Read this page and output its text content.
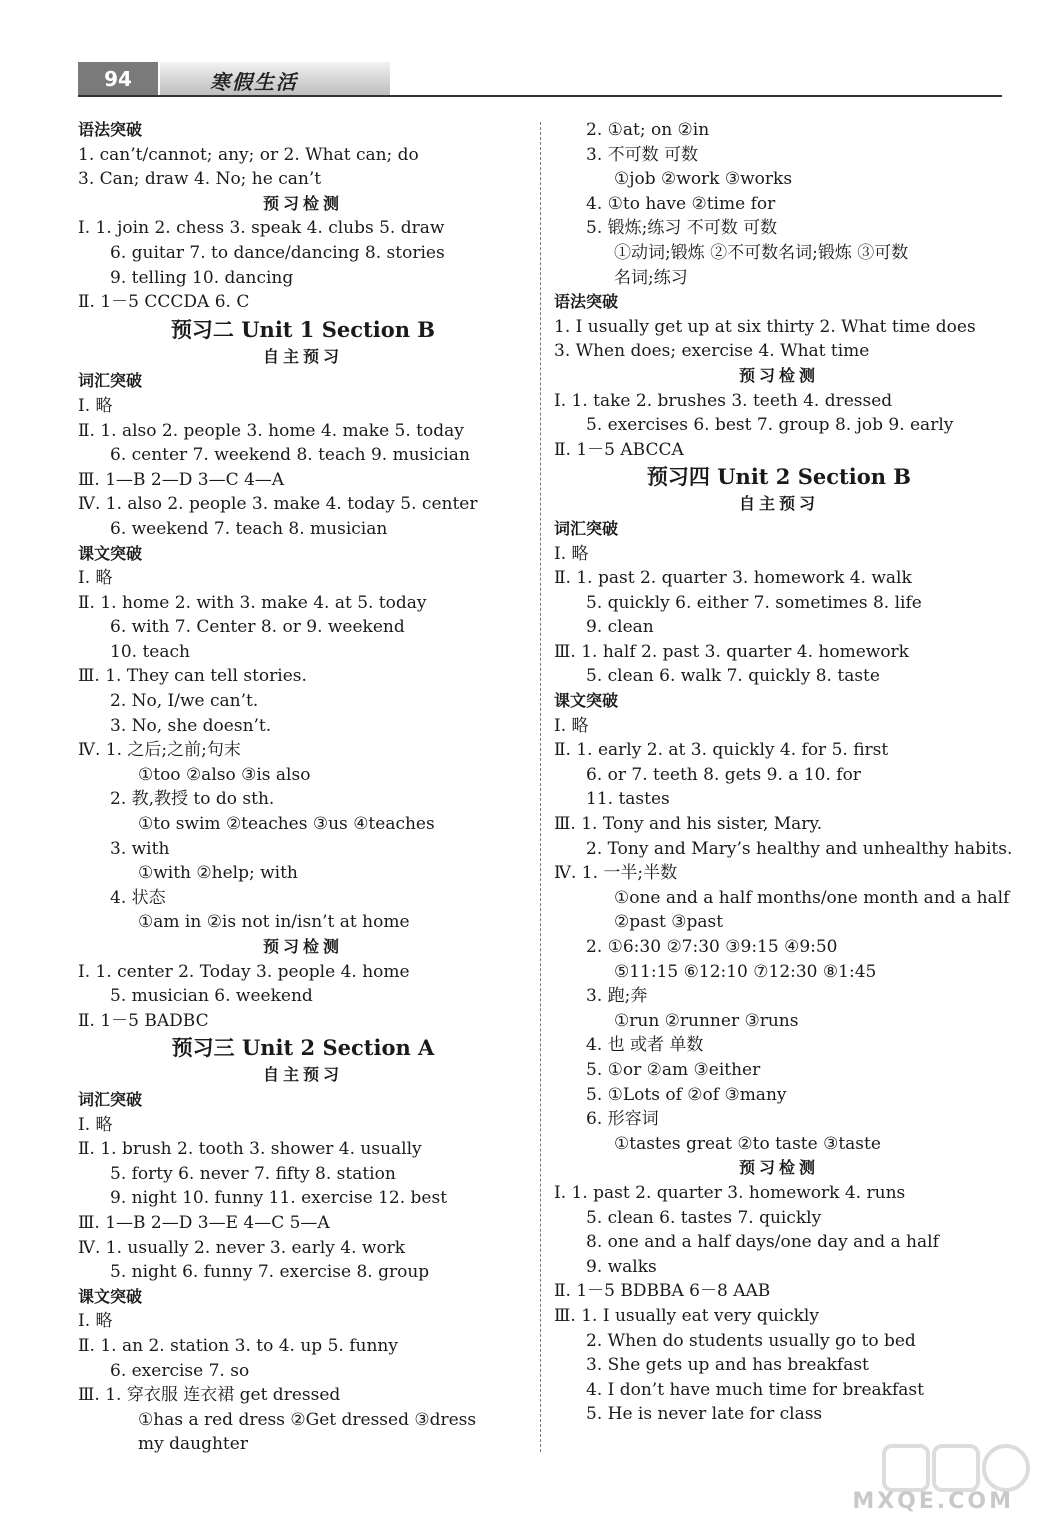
94	寒假生活
语法突破
1. can’t/cannot; any; or 2. What can; do
3. Can; draw 4. No; he can’t
预习检测
Ⅰ. 1. join 2. chess 3. speak 4. clubs 5. draw
6. guitar 7. to dance/dancing 8. stories
9. telling 10. dancing
Ⅱ. 1－5 CCCDA 6. C
预习二 Unit 1 Section B
自主预习
词汇突破
Ⅰ. 略
Ⅱ. 1. also 2. people 3. home 4. make 5. today
6. center 7. weekend 8. teach 9. musician
Ⅲ. 1—B 2—D 3—C 4—A
Ⅳ. 1. also 2. people 3. make 4. today 5. center
6. weekend 7. teach 8. musician
课文突破
Ⅰ. 略
Ⅱ. 1. home 2. with 3. make 4. at 5. today
6. with 7. Center 8. or 9. weekend
10. teach
Ⅲ. 1. They can tell stories.
2. No, I/we can’t.
3. No, she doesn’t.
Ⅳ. 1. 之后;之前;句末
①too ②also ③is also
2. 教,教授 to do sth.
①to swim ②teaches ③us ④teaches
3. with
①with ②help; with
4. 状态
①am in ②is not in/isn’t at home
预习检测
Ⅰ. 1. center 2. Today 3. people 4. home
5. musician 6. weekend
Ⅱ. 1－5 BADBC
预习三 Unit 2 Section A
自主预习
词汇突破
Ⅰ. 略
Ⅱ. 1. brush 2. tooth 3. shower 4. usually
5. forty 6. never 7. fifty 8. station
9. night 10. funny 11. exercise 12. best
Ⅲ. 1—B 2—D 3—E 4—C 5—A
Ⅳ. 1. usually 2. never 3. early 4. work
5. night 6. funny 7. exercise 8. group
课文突破
Ⅰ. 略
Ⅱ. 1. an 2. station 3. to 4. up 5. funny
6. exercise 7. so
Ⅲ. 1. 穿衣服 连衣裙 get dressed
①has a red dress ②Get dressed ③dress
my daughter
2. ①at; on ②in
3. 不可数 可数
①job ②work ③works
4. ①to have ②time for
5. 锻炼;练习 不可数 可数
①动词;锻炼 ②不可数名词;锻炼 ③可数
名词;练习
语法突破
1. I usually get up at six thirty 2. What time does
3. When does; exercise 4. What time
预习检测
Ⅰ. 1. take 2. brushes 3. teeth 4. dressed
5. exercises 6. best 7. group 8. job 9. early
Ⅱ. 1－5 ABCCA
预习四 Unit 2 Section B
自主预习
词汇突破
Ⅰ. 略
Ⅱ. 1. past 2. quarter 3. homework 4. walk
5. quickly 6. either 7. sometimes 8. life
9. clean
Ⅲ. 1. half 2. past 3. quarter 4. homework
5. clean 6. walk 7. quickly 8. taste
课文突破
Ⅰ. 略
Ⅱ. 1. early 2. at 3. quickly 4. for 5. first
6. or 7. teeth 8. gets 9. a 10. for
11. tastes
Ⅲ. 1. Tony and his sister, Mary.
2. Tony and Mary’s healthy and unhealthy habits.
Ⅳ. 1. 一半;半数
①one and a half months/one month and a half
②past ③past
2. ①6:30 ②7:30 ③9:15 ④9:50
⑤11:15 ⑥12:10 ⑦12:30 ⑧1:45
3. 跑;奔
①run ②runner ③runs
4. 也 或者 单数
5. ①or ②am ③either
5. ①Lots of ②of ③many
6. 形容词
①tastes great ②to taste ③taste
预习检测
Ⅰ. 1. past 2. quarter 3. homework 4. runs
5. clean 6. tastes 7. quickly
8. one and a half days/one day and a half
9. walks
Ⅱ. 1－5 BDBBA 6－8 AAB
Ⅲ. 1. I usually eat very quickly
2. When do students usually go to bed
3. She gets up and has breakfast
4. I don’t have much time for breakfast
5. He is never late for class
MXQE.COM
